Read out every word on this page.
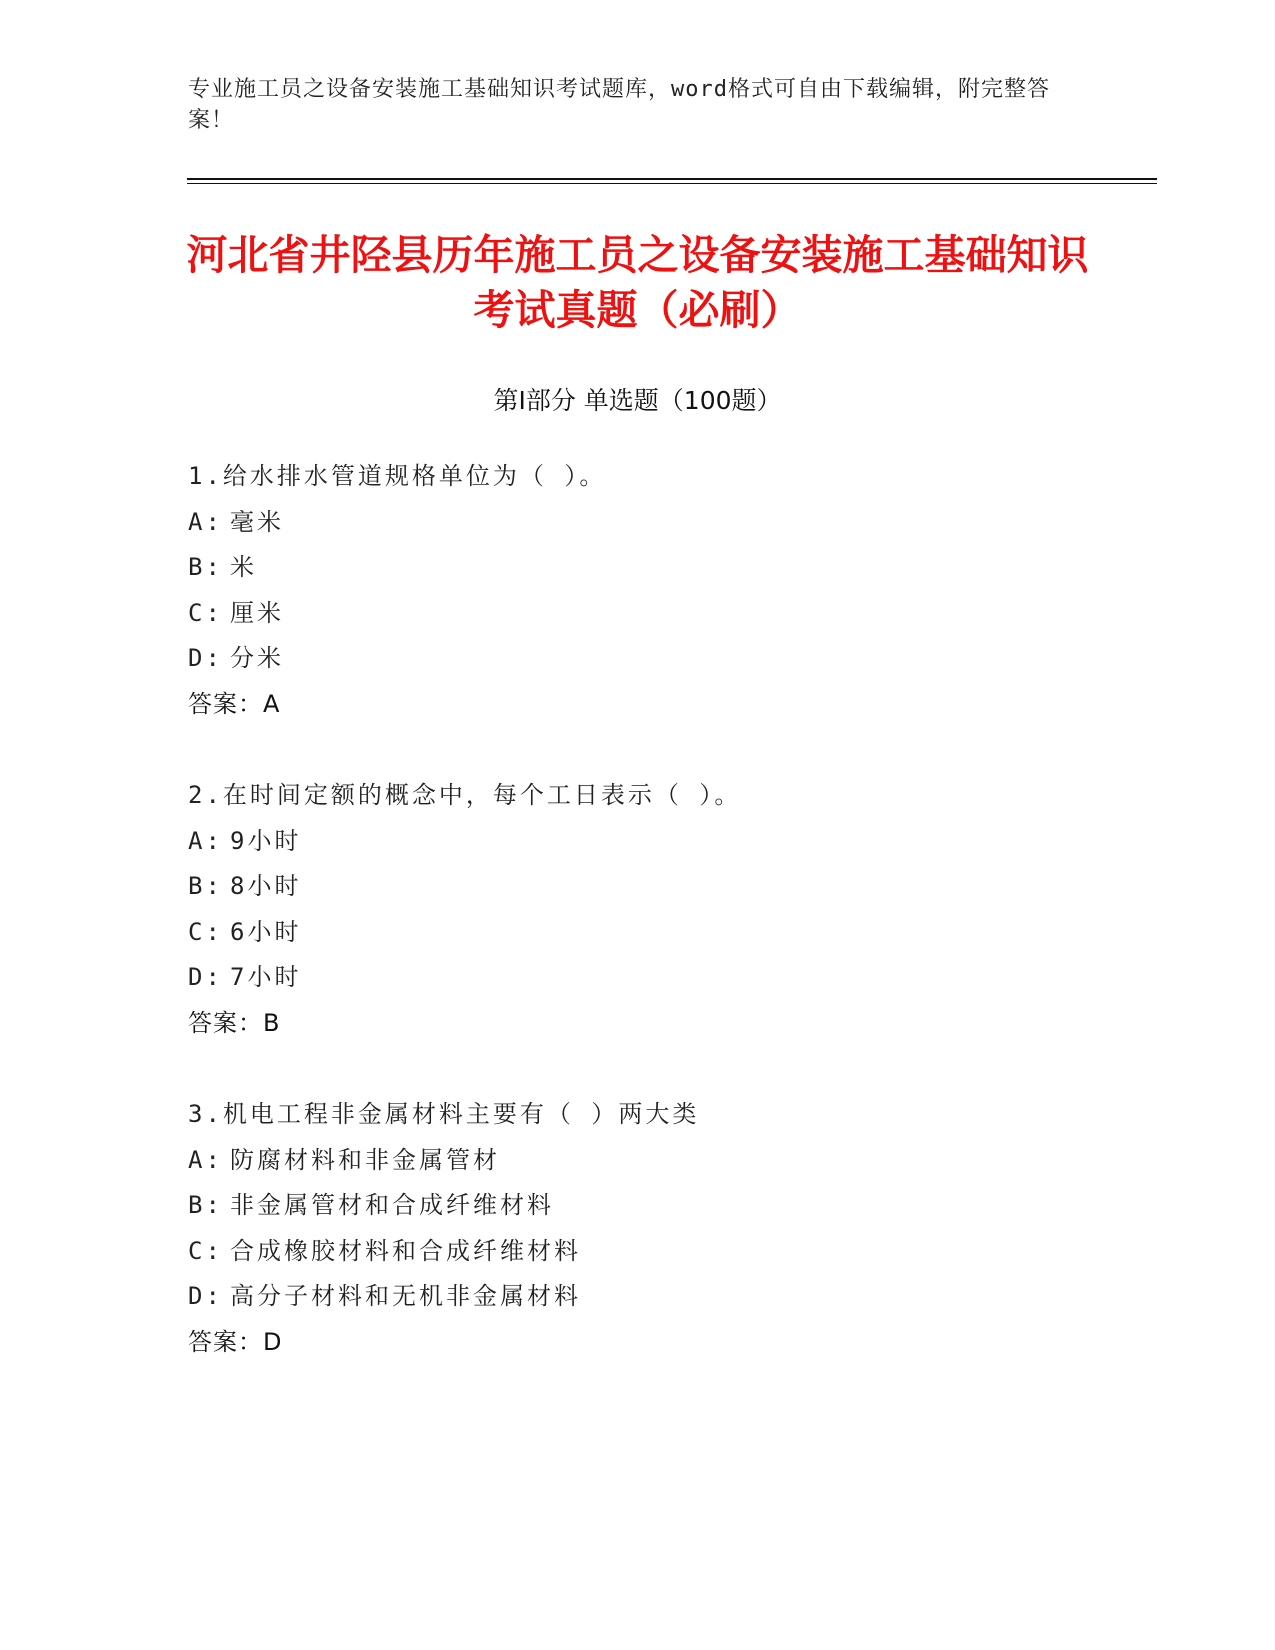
专业施工员之设备安装施工基础知识考试题库，word格式可自由下载编辑，附完整答案！
河北省井陉县历年施工员之设备安装施工基础知识考试真题（必刷）
第Ⅰ部分 单选题（100题）
1.给水排水管道规格单位为（ ）。
A: 毫米
B: 米
C: 厘米
D: 分米
答案：A
2.在时间定额的概念中，每个工日表示（ ）。
A: 9小时
B: 8小时
C: 6小时
D: 7小时
答案：B
3.机电工程非金属材料主要有（ ）两大类
A: 防腐材料和非金属管材
B: 非金属管材和合成纤维材料
C: 合成橡胶材料和合成纤维材料
D: 高分子材料和无机非金属材料
答案：D
